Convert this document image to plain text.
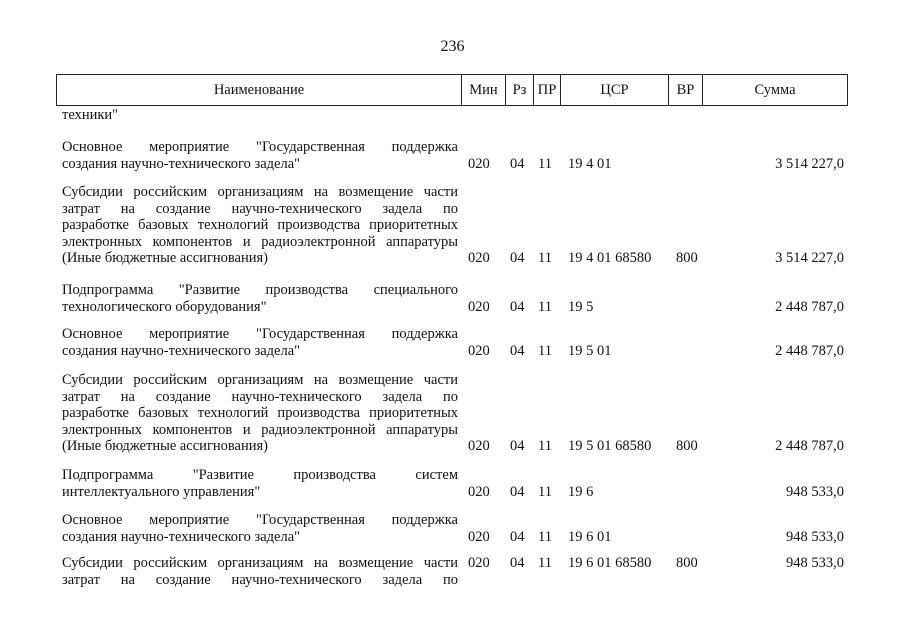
236
Наименование	Мин	Рз ПР	ЦСР	ВР	Сумма
техники"
Основное мероприятие "Государственная поддержка
создания научно-технического задела"	020	04 11	19 4 01	3 514 227,0
Субсидии российским организациям на возмещение части
затрат на создание научно-технического задела по
разработке базовых технологий производства приоритетных
электронных компонентов и радиоэлектронной аппаратуры
(Иные бюджетные ассигнования)	020	04 11	19 4 01 68580	800	3 514 227,0
Подпрограмма "Развитие производства специального
технологического оборудования"	020	04 11	19 5	2 448 787,0
Основное мероприятие "Государственная поддержка
создания научно-технического задела"	020	04 11	19 5 01	2 448 787,0
Субсидии российским организациям на возмещение части
затрат на создание научно-технического задела по
разработке базовых технологий производства приоритетных
электронных компонентов и радиоэлектронной аппаратуры
(Иные бюджетные ассигнования)	020	04 11	19 5 01 68580	800	2 448 787,0
Подпрограмма "Развитие производства систем
интеллектуального управления"	020	04 11	19 6	948 533,0
Основное мероприятие "Государственная поддержка
создания научно-технического задела"	020	04 11	19 6 01	948 533,0
Субсидии российским организациям на возмещение части
затрат на создание научно-технического задела по
020	04 11	19 6 01 68580	800	948 533,0
